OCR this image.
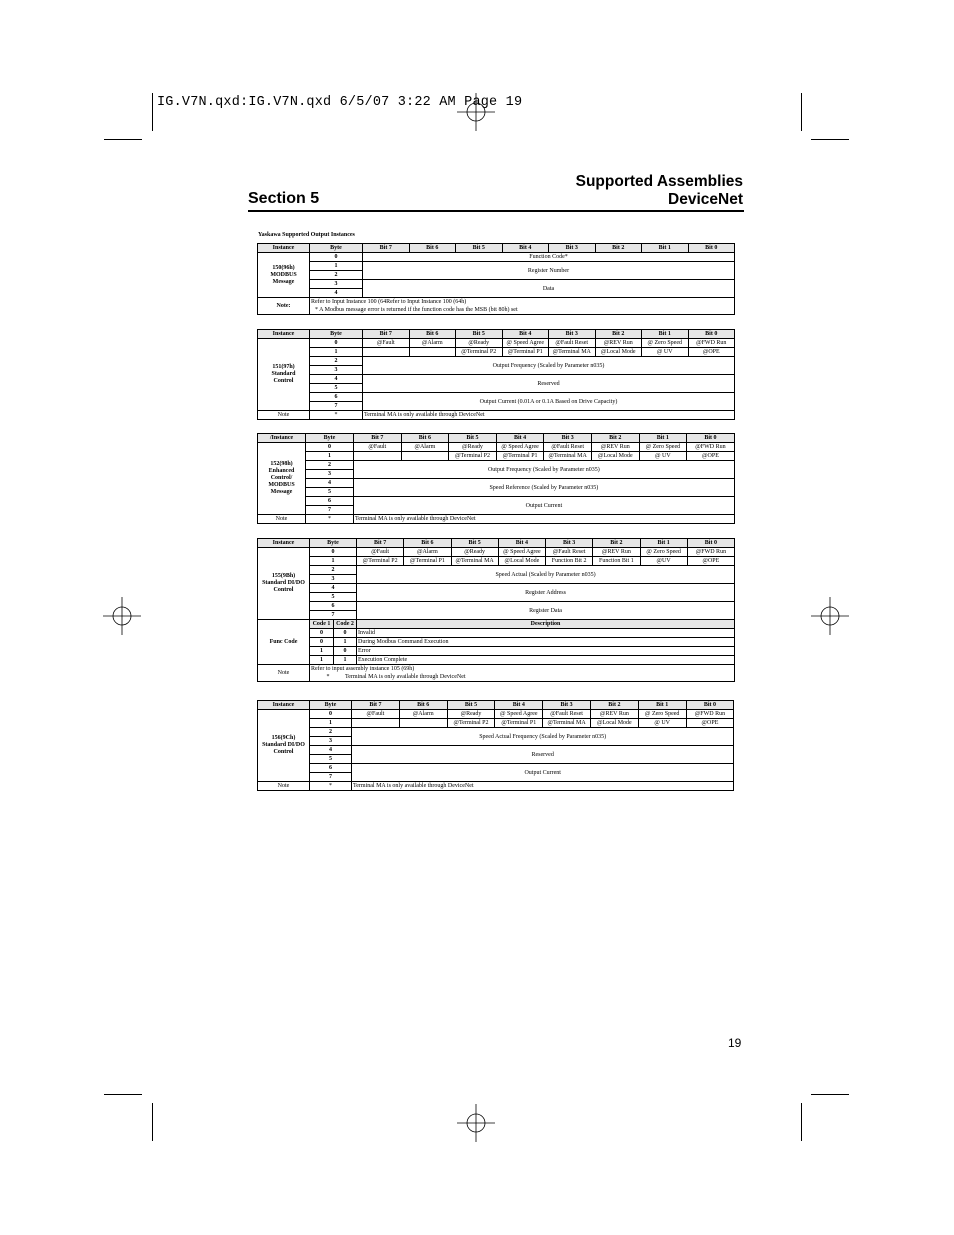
IG.V7N.qxd:IG.V7N.qxd 6/5/07 3:22 AM Page 19
Section 5
Supported Assemblies
DeviceNet
Yaskawa Supported Output Instances
Instance	Byte	Bit 7	Bit 6	Bit 5	Bit 4	Bit 3	Bit 2	Bit 1	Bit 0

150(96h)
MODBUS
Message	0	Function Code*							
	1	Register Number							
	2								
	3	Data							
	4								
Note:	Refer to Input Instance 100 (64Refer to Input Instance 100 (64h)
* A Modbus message error is returned if the function code has the MSB (bit 80h) set								
Instance	Byte	Bit 7	Bit 6	Bit 5	Bit 4	Bit 3	Bit 2	Bit 1	Bit 0

151(97h)
Standard
Control	0	@Fault	@Alarm	@Ready	@ Speed Agree	@Fault Reset	@REV Run	@ Zero Speed	@FWD Run
	1			@Terminal P2	@Terminal P1	@Terminal MA	@Local Mode	@ UV	@OPE
	2	Output Frequency (Scaled by Parameter n035)							
	3								
	4	Reserved							
	5								
	6	Output Current (0.01A or 0.1A Based on Drive Capacity)							
	7								
Note	*	Terminal MA is only available through DeviceNet							
/Instance	Byte	Bit 7	Bit 6	Bit 5	Bit 4	Bit 3	Bit 2	Bit 1	Bit 0

152(98h)
Enhanced
Control/
MODBUS
Message	0	@Fault	@Alarm	@Ready	@ Speed Agree	@Fault Reset	@REV Run	@ Zero Speed	@FWD Run
	1			@Terminal P2	@Terminal P1	@Terminal MA	@Local Mode	@ UV	@OPE
	2	Output Frequency (Scaled by Parameter n035)							
	3								
	4	Speed Reference (Scaled by Parameter n035)							
	5								
	6	Output Current							
	7								
Note	*	Terminal MA is only available through DeviceNet							
Instance	Byte		Bit 7	Bit 6	Bit 5	Bit 4	Bit 3	Bit 2	Bit 1	Bit 0

155(9Bh)
Standard DI/DO
Control	0		@Fault	@Alarm	@Ready	@ Speed Agree	@Fault Reset	@REV Run	@ Zero Speed	@FWD Run
	1		@Terminal P2	@Terminal P1	@Terminal MA	@Local Mode	Function Bit 2	Function Bit 1	@UV	@OPE
	2		Speed Actual (Scaled by Parameter n035)							
	3									
	4		Register Address							
	5									
	6		Register Data							
	7									
Func Code	Code 1	Code 2	Description							
	0	0	Invalid							
	0	1	During Modbus Command Execution							
	1	0	Error							
	1	1	Execution Complete							
Note	Refer to input assembly instance 105 (69h)
* Terminal MA is only available through DeviceNet									
Instance	Byte	Bit 7	Bit 6	Bit 5	Bit 4	Bit 3	Bit 2	Bit 1	Bit 0

156(9Ch)
Standard DI/DO
Control	0	@Fault	@Alarm	@Ready	@ Speed Agree	@Fault Reset	@REV Run	@ Zero Speed	@FWD Run
	1			@Terminal P2	@Terminal P1	@Terminal MA	@Local Mode	@ UV	@OPE
	2	Speed Actual Frequency (Scaled by Parameter n035)							
	3								
	4	Reserved							
	5								
	6	Output Current							
	7								
Note	*	Terminal MA is only available through DeviceNet							
19
